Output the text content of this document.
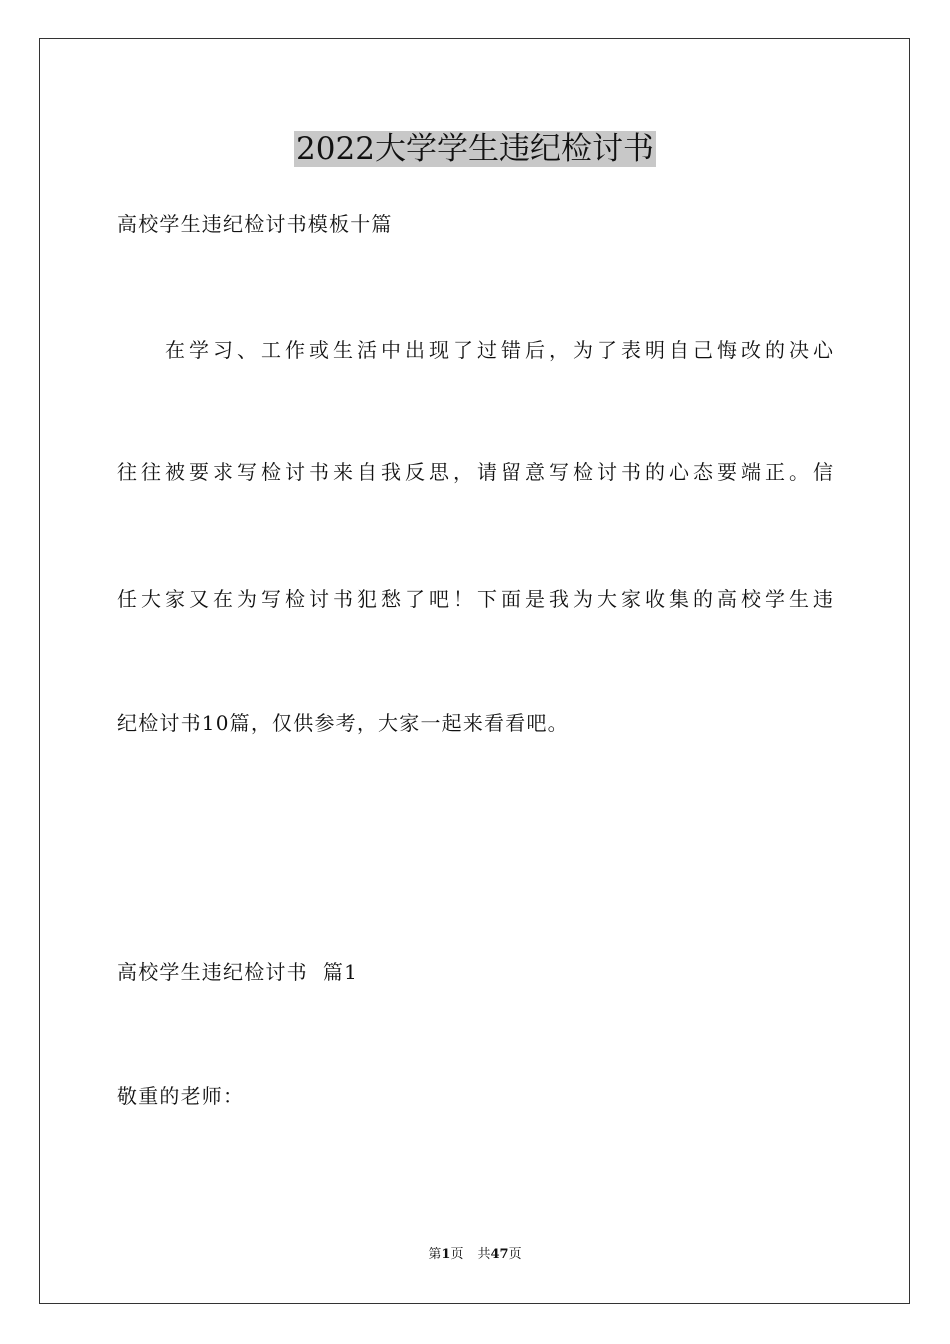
2022大学学生违纪检讨书
高校学生违纪检讨书模板十篇
在学习、工作或生活中出现了过错后，为了表明自己悔改的决心
往往被要求写检讨书来自我反思，请留意写检讨书的心态要端正。信
任大家又在为写检讨书犯愁了吧！下面是我为大家收集的高校学生违
纪检讨书10篇，仅供参考，大家一起来看看吧。
高校学生违纪检讨书  篇1
敬重的老师：
第1页 共47页
